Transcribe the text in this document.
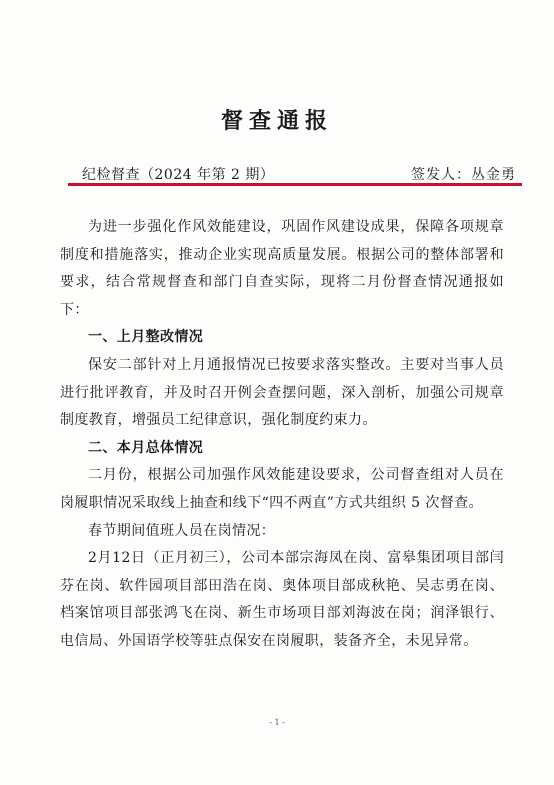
督查通报
纪检督查（2024 年第 2 期）	签发人：丛金勇

为进一步强化作风效能建设，巩固作风建设成果，保障各项规章制度和措施落实，推动企业实现高质量发展。根据公司的整体部署和要求，结合常规督查和部门自查实际，现将二月份督查情况通报如下：

一、上月整改情况

保安二部针对上月通报情况已按要求落实整改。主要对当事人员进行批评教育，并及时召开例会查摆问题，深入剖析，加强公司规章制度教育，增强员工纪律意识，强化制度约束力。

二、本月总体情况

二月份，根据公司加强作风效能建设要求，公司督查组对人员在岗履职情况采取线上抽查和线下“四不两直”方式共组织 5 次督查。

春节期间值班人员在岗情况：

2月12日（正月初三），公司本部宗海凤在岗、富皋集团项目部闫芬在岗、软件园项目部田浩在岗、奥体项目部成秋艳、吴志勇在岗、档案馆项目部张鸿飞在岗、新生市场项目部刘海波在岗；润泽银行、电信局、外国语学校等驻点保安在岗履职，装备齐全，未见异常。

- 1 -
